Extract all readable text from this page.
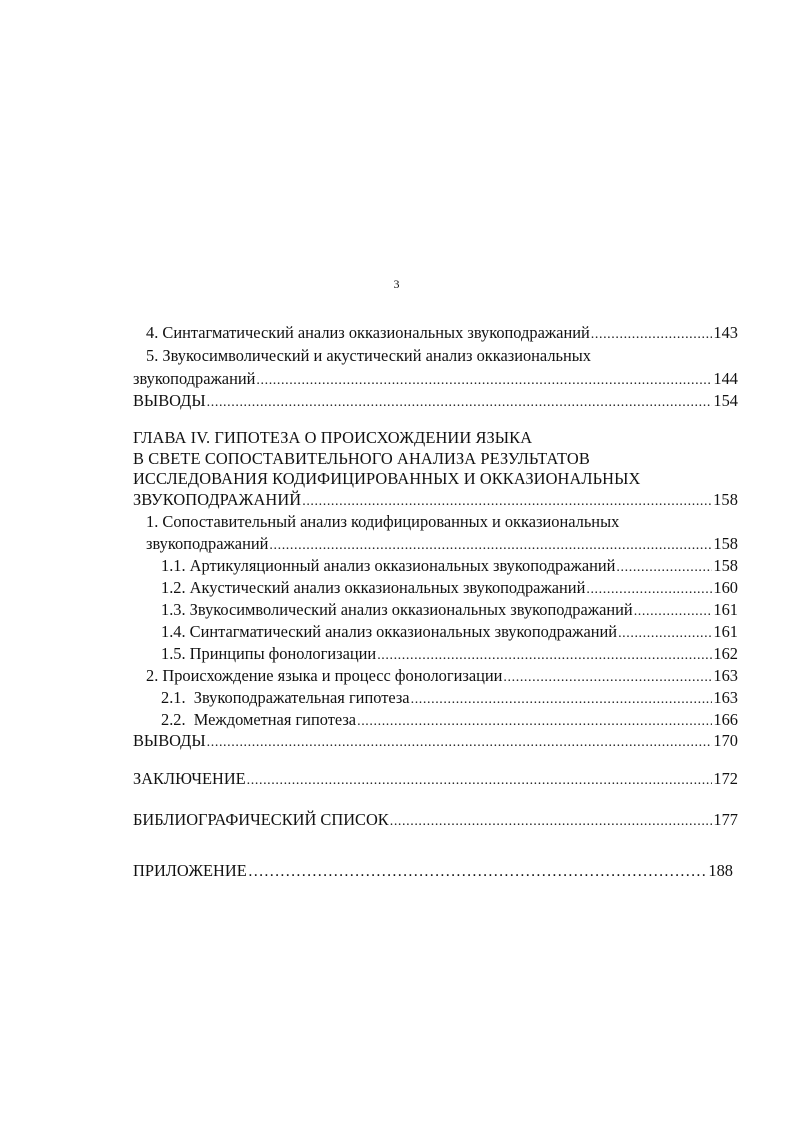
3
4. Синтагматический анализ окказиональных звукоподражаний .....	143
5. Звукосимволический и акустический анализ окказиональных
звукоподражаний .....	144
ВЫВОДЫ .....	154
ГЛАВА IV. ГИПОТЕЗА О ПРОИСХОЖДЕНИИ ЯЗЫКА
В СВЕТЕ СОПОСТАВИТЕЛЬНОГО АНАЛИЗА РЕЗУЛЬТАТОВ
ИССЛЕДОВАНИЯ КОДИФИЦИРОВАННЫХ И ОККАЗИОНАЛЬНЫХ
ЗВУКОПОДРАЖАНИЙ .....	158
1. Сопоставительный анализ кодифицированных и окказиональных
звукоподражаний .....	158
1.1. Артикуляционный анализ окказиональных звукоподражаний .....	158
1.2. Акустический анализ окказиональных звукоподражаний .....	160
1.3. Звукосимволический анализ окказиональных звукоподражаний .....	161
1.4. Синтагматический анализ окказиональных звукоподражаний .....	161
1.5. Принципы фонологизации .....	162
2. Происхождение языка и процесс фонологизации .....	163
2.1.  Звукоподражательная гипотеза .....	163
2.2.  Междометная гипотеза .....	166
ВЫВОДЫ .....	170
ЗАКЛЮЧЕНИЕ .....	172
БИБЛИОГРАФИЧЕСКИЙ СПИСОК .....	177
ПРИЛОЖЕНИЕ …………………………………………………………………………………………………………………………	188
